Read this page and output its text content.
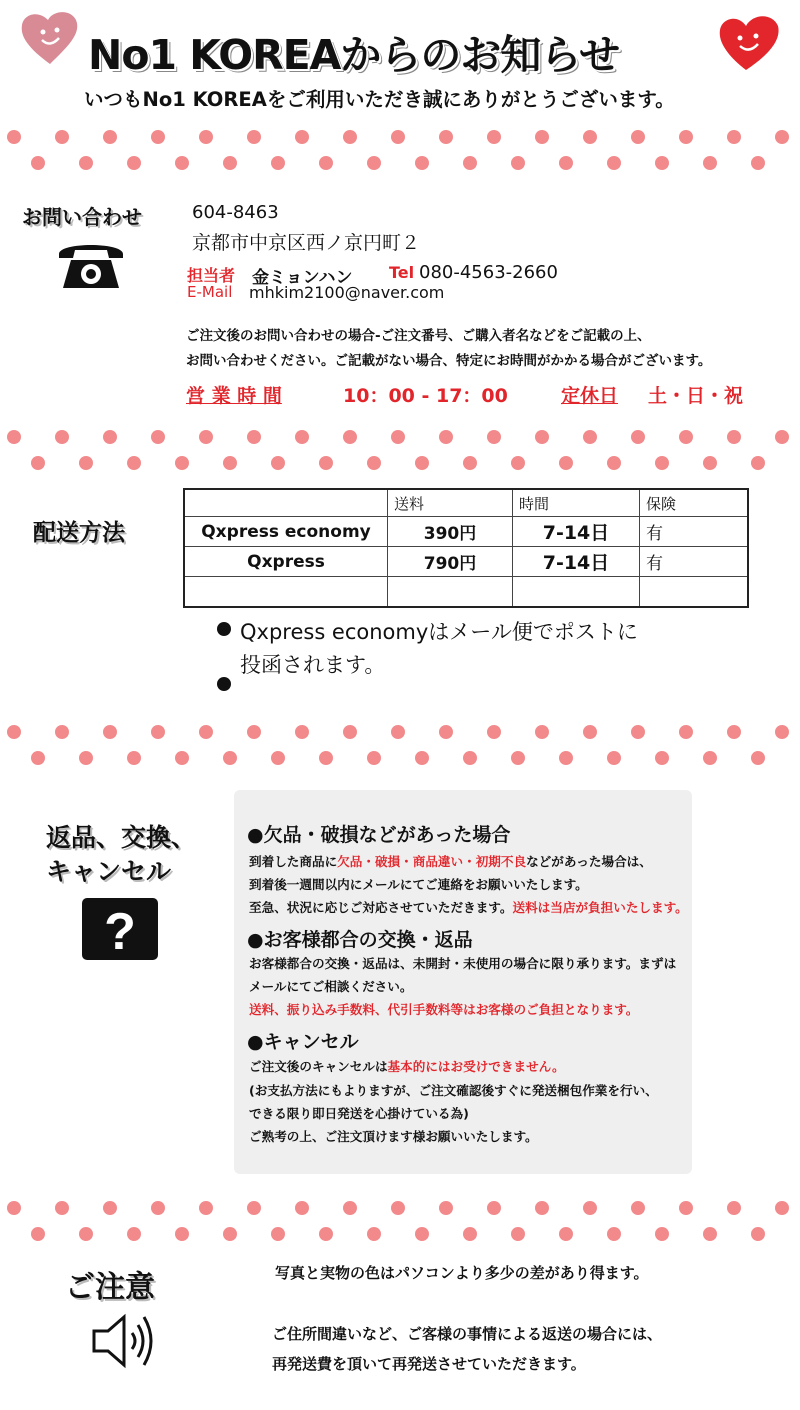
No1 KOREAからのお知らせ
いつもNo1 KOREAをご利用いただき誠にありがとうございます。
お問い合わせ	604-8463
京都市中京区西ノ京円町２
担当者 金ミョンハン Tel 080-4563-2660
E-Mail mhkim2100@naver.com
ご注文後のお問い合わせの場合-ご注文番号、ご購入者名などをご記載の上、
お問い合わせください。ご記載がない場合、特定にお時間がかかる場合がございます。
営 業 時 間	10：00 - 17：00	定休日 土・日・祝
配送方法
	送料	時間	保険
Qxpress economy	390円	7-14日	有
Qxpress	790円	7-14日	有

Qxpress economyはメール便でポストに
投函されます。
返品、交換、
キャンセル
?
●欠品・破損などがあった場合
到着した商品に欠品・破損・商品違い・初期不良などがあった場合は、
到着後一週間以内にメールにてご連絡をお願いいたします。
至急、状況に応じご対応させていただきます。送料は当店が負担いたします。
●お客様都合の交換・返品
お客様都合の交換・返品は、未開封・未使用の場合に限り承ります。まずは
メールにてご相談ください。
送料、振り込み手数料、代引手数料等はお客様のご負担となります。
●キャンセル
ご注文後のキャンセルは基本的にはお受けできません。
(お支払方法にもよりますが、ご注文確認後すぐに発送梱包作業を行い、
できる限り即日発送を心掛けている為)
ご熟考の上、ご注文頂けます様お願いいたします。
ご注意	写真と実物の色はパソコンより多少の差があり得ます。
ご住所間違いなど、ご客様の事情による返送の場合には、
再発送費を頂いて再発送させていただきます。
